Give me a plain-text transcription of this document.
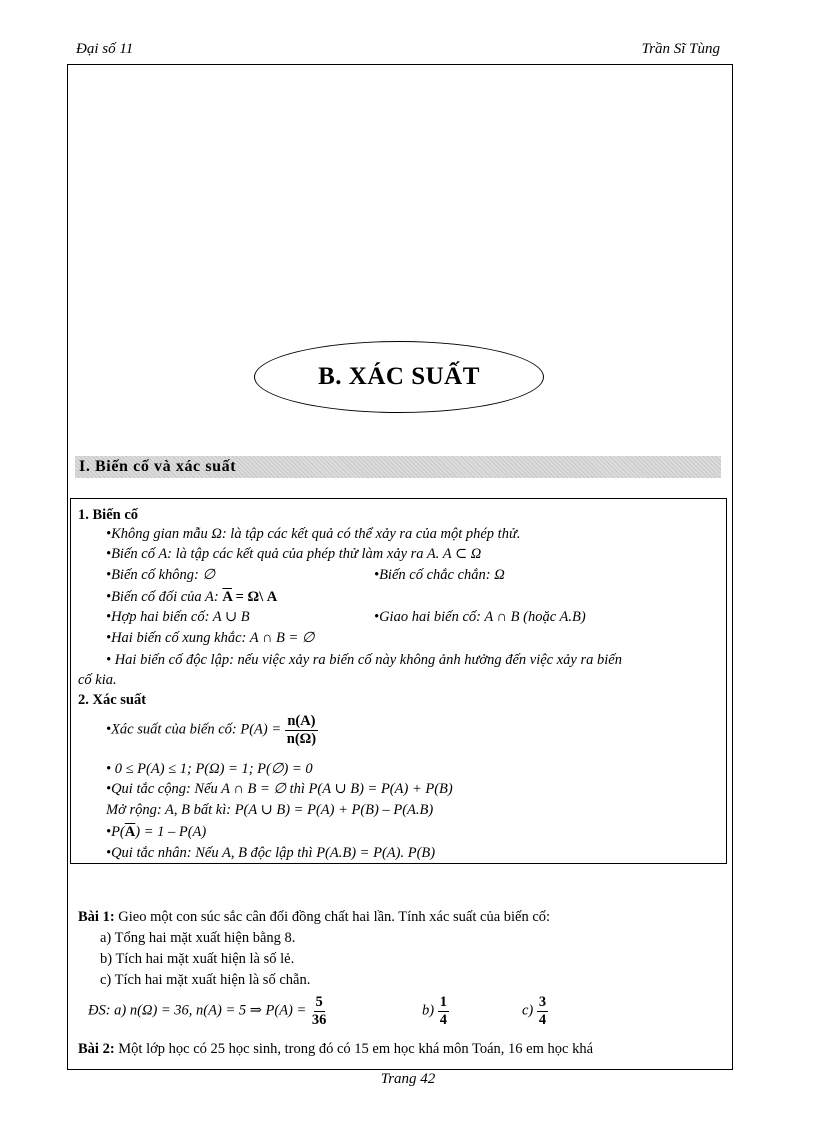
Đại số 11	Trần Sĩ Tùng
B. XÁC SUẤT
I. Biến cố và xác suất
1. Biến cố
•Không gian mẫu Ω: là tập các kết quả có thể xảy ra của một phép thử.
•Biến cố A: là tập các kết quả của phép thử làm xảy ra A. A ⊂ Ω
•Biến cố không: ∅	•Biến cố chắc chắn: Ω
•Biến cố đối của A: $\overline{A}$ = Ω\ A
•Hợp hai biến cố: A ∪ B	•Giao hai biến cố: A ∩ B (hoặc A.B)
•Hai biến cố xung khắc: A ∩ B = ∅
• Hai biến cố độc lập: nếu việc xảy ra biến cố này không ảnh hưởng đến việc xảy ra biến
cố kia.
2. Xác suất
•Xác suất của biến cố: $P(A) = \frac{n(A)}{n(\Omega)}$
• 0 ≤ P(A) ≤ 1; P(Ω) = 1; P(∅) = 0
•Qui tắc cộng: Nếu A ∩ B = ∅ thì P(A ∪ B) = P(A) + P(B)
Mở rộng: A, B bất kì: P(A ∪ B) = P(A) + P(B) – P(A.B)
$•P(\overline{A}) = 1 - P(A)$
•Qui tắc nhân: Nếu A, B độc lập thì P(A.B) = P(A). P(B)
Bài 1: Gieo một con súc sắc cân đối đồng chất hai lần. Tính xác suất của biến cố:
a) Tổng hai mặt xuất hiện bằng 8.
b) Tích hai mặt xuất hiện là số lẻ.
c) Tích hai mặt xuất hiện là số chẵn.
ĐS: a) n(Ω) = 36, n(A) = 5 ⇒ $P(A) = \frac{5}{36}$	$b) \frac{1}{4}$	$c) \frac{3}{4}$
Bài 2: Một lớp học có 25 học sinh, trong đó có 15 em học khá môn Toán, 16 em học khá
Trang 42
